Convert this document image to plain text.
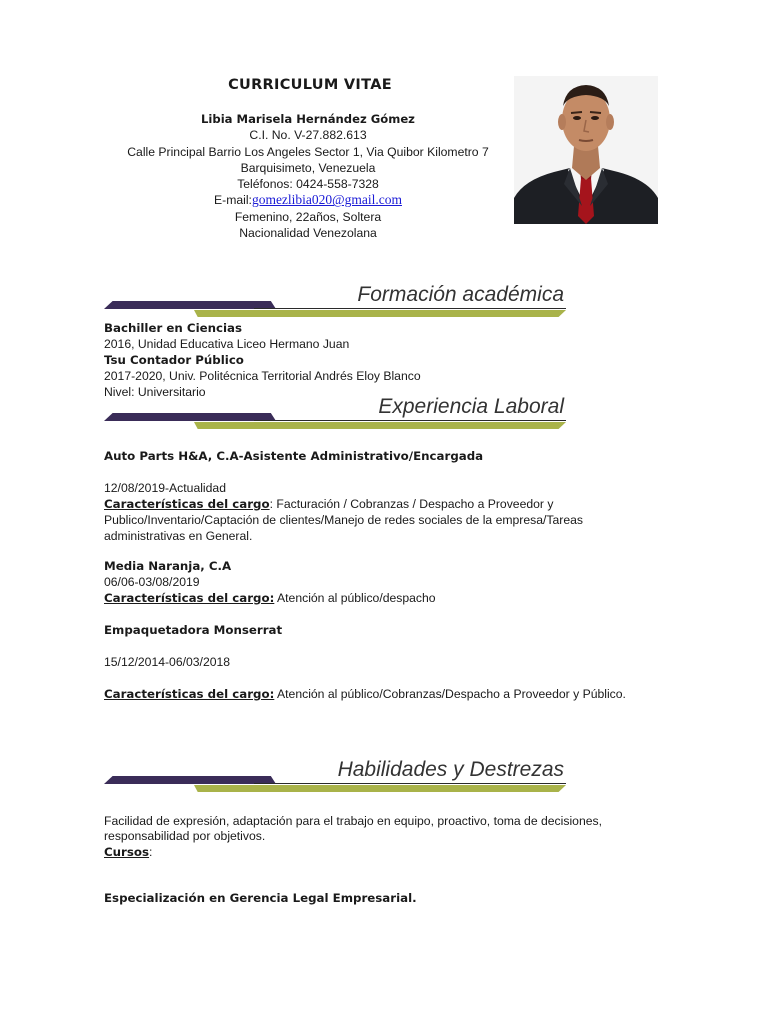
CURRICULUM VITAE
Libia Marisela Hernández Gómez
C.I. No. V-27.882.613
Calle Principal Barrio Los Angeles Sector 1, Via Quibor Kilometro 7
Barquisimeto, Venezuela
Teléfonos: 0424-558-7328
E-mail:gomezlibia020@gmail.com
Femenino, 22años, Soltera
Nacionalidad Venezolana
Formación académica
Bachiller en Ciencias
2016, Unidad Educativa Liceo Hermano Juan
Tsu Contador Público
2017-2020, Univ. Politécnica Territorial Andrés Eloy Blanco
Nivel: Universitario
Experiencia Laboral
Auto Parts H&A, C.A-Asistente Administrativo/Encargada
12/08/2019-Actualidad
Características del cargo: Facturación / Cobranzas / Despacho a Proveedor y
Publico/Inventario/Captación de clientes/Manejo de redes sociales de la empresa/Tareas
administrativas en General.
Media Naranja, C.A
06/06-03/08/2019
Características del cargo: Atención al público/despacho
Empaquetadora Monserrat
15/12/2014-06/03/2018
Características del cargo: Atención al público/Cobranzas/Despacho a Proveedor y Público.
Habilidades y Destrezas
Facilidad de expresión, adaptación para el trabajo en equipo, proactivo, toma de decisiones,
responsabilidad por objetivos.
Cursos:
Especialización en Gerencia Legal Empresarial.
